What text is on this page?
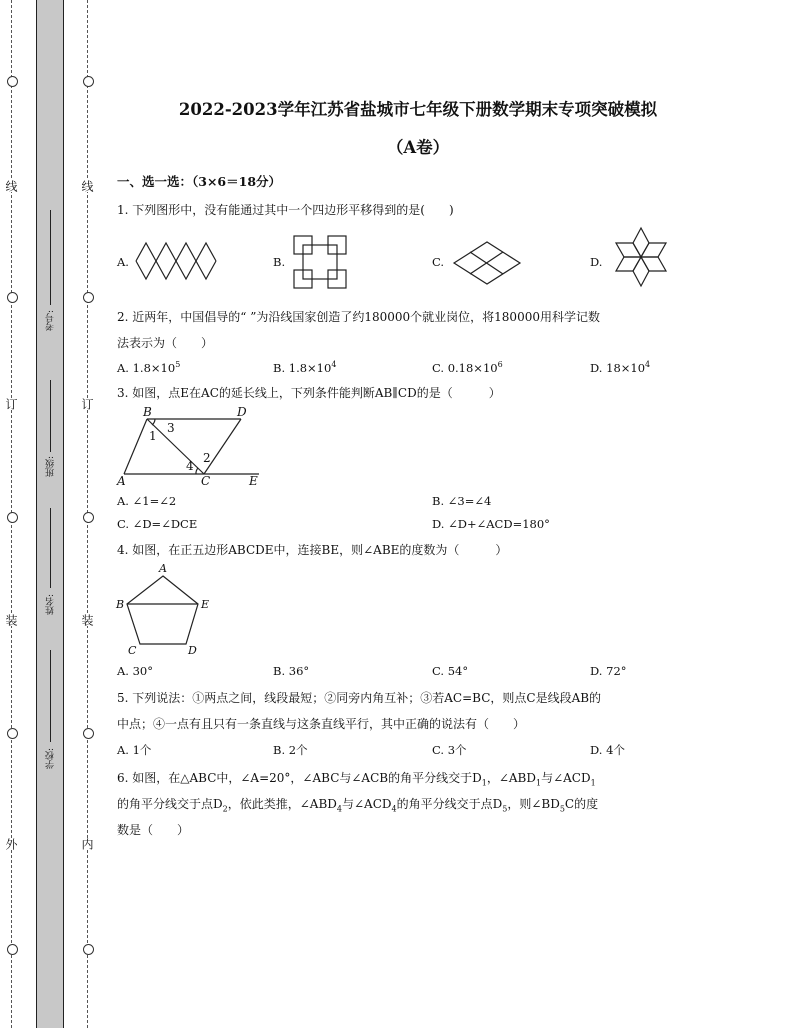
线
订
装
外
线
订
装
内
考号:
班级:
姓名:
学校:
2022-2023学年江苏省盐城市七年级下册数学期末专项突破模拟
（A卷）
一、选一选：（3×6＝18分）
1. 下列图形中，没有能通过其中一个四边形平移得到的是(　　)
A.	B.	C.	D.
2. 近两年，中国倡导的“ ”为沿线国家创造了约180000个就业岗位，将180000用科学记数
法表示为（　　）
A. $1.8\times 10^5$	B. $1.8\times 10^4$	C. $0.18\times 10^6$	D. $18\times 10^4$
3. 如图，点E在AC的延长线上，下列条件能判断AB∥CD的是（　　　）
B	D
A	C	E
1
3
4
2
A. ∠1=∠2	B. ∠3=∠4
C. ∠D=∠DCE	D. ∠D+∠ACD=180°
4. 如图，在正五边形ABCDE中，连接BE，则∠ABE的度数为（　　　）
A
B	E
C	D
A. 30°	B. 36°	C. 54°	D. 72°
5. 下列说法：①两点之间，线段最短；②同旁内角互补；③若AC=BC，则点C是线段AB的
中点；④一点有且只有一条直线与这条直线平行，其中正确的说法有（　　）
A. 1个	B. 2个	C. 3个	D. 4个
6. 如图，在△ABC中，∠A=20°，∠ABC与∠ACB的角平分线交于$D_1$，$\angle ABD_1$与$\angle ACD_1$
的角平分线交于点$D_2$，依此类推，$\angle ABD_4$与$\angle ACD_4$的角平分线交于点$D_5$，则$\angle BD_5C$的度
数是（　　）
